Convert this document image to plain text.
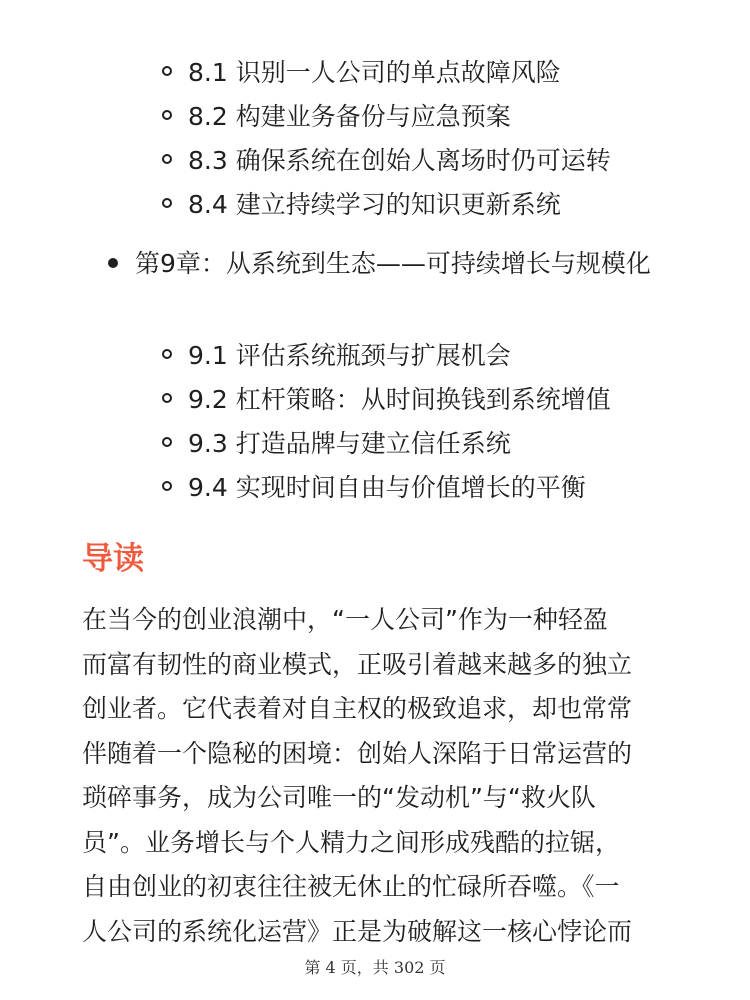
8.1 识别一人公司的单点故障风险
8.2 构建业务备份与应急预案
8.3 确保系统在创始人离场时仍可运转
8.4 建立持续学习的知识更新系统
第9章：从系统到生态——可持续增长与规模化
9.1 评估系统瓶颈与扩展机会
9.2 杠杆策略：从时间换钱到系统增值
9.3 打造品牌与建立信任系统
9.4 实现时间自由与价值增长的平衡
导读
在当今的创业浪潮中，“一人公司”作为一种轻盈
而富有韧性的商业模式，正吸引着越来越多的独立
创业者。它代表着对自主权的极致追求，却也常常
伴随着一个隐秘的困境：创始人深陷于日常运营的
琐碎事务，成为公司唯一的“发动机”与“救火队
员”。业务增长与个人精力之间形成残酷的拉锯，
自由创业的初衷往往被无休止的忙碌所吞噬。《一
人公司的系统化运营》正是为破解这一核心悖论而
第 4 页，共 302 页
